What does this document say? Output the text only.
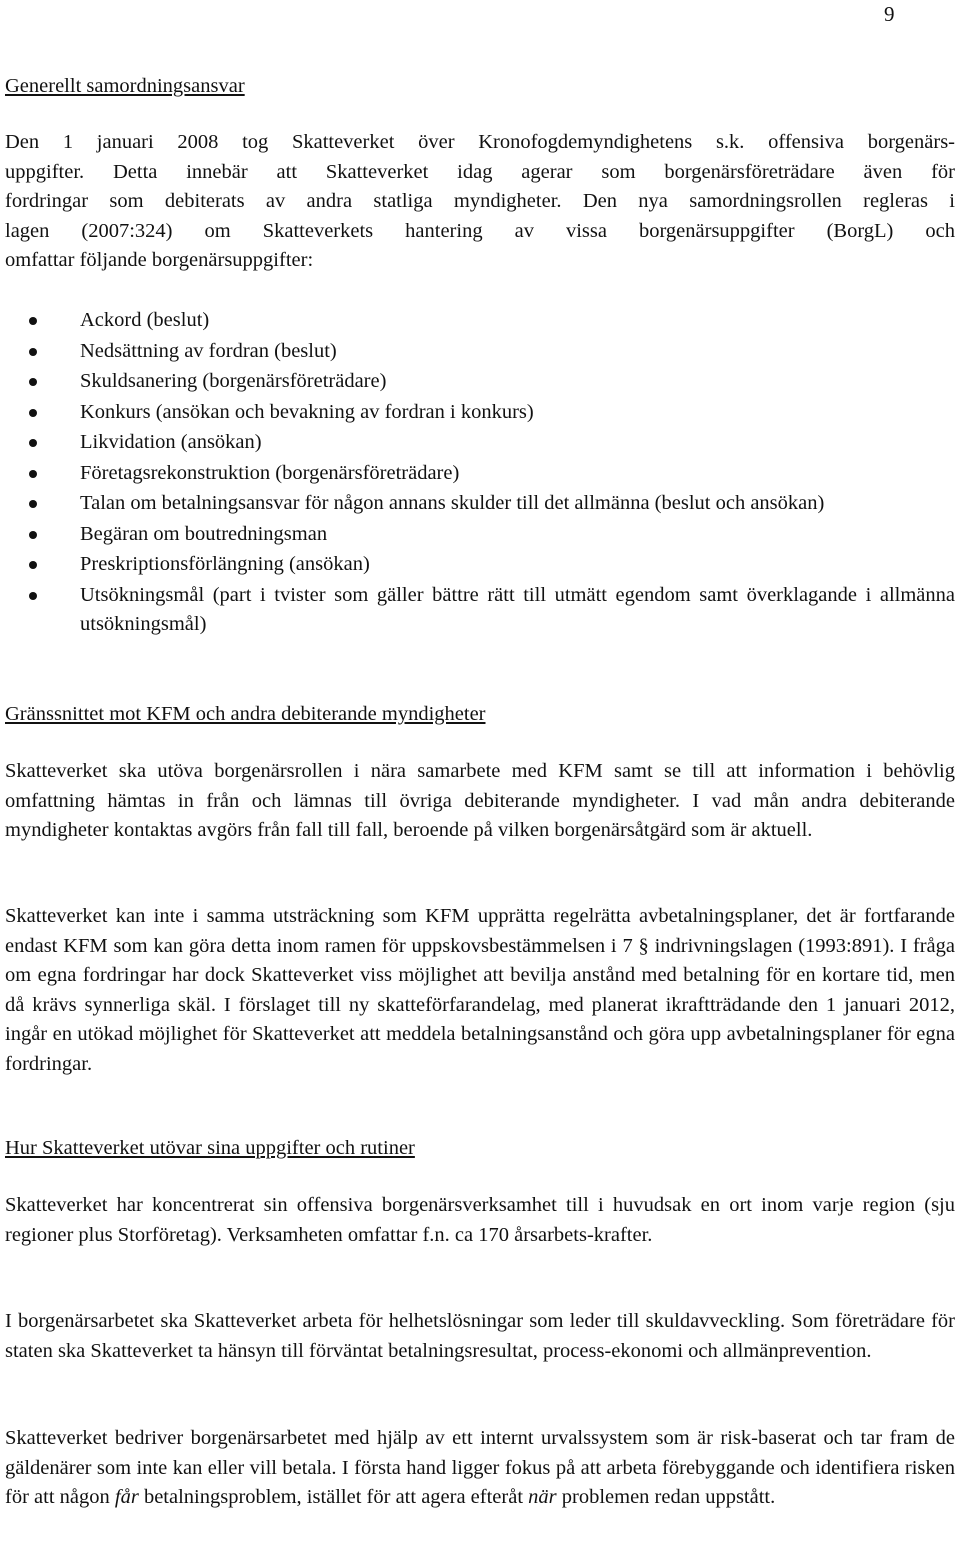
9
Generellt samordningsansvar
Den 1 januari 2008 tog Skatteverket över Kronofogdemyndighetens s.k. offensiva borgenärs-
uppgifter. Detta innebär att Skatteverket idag agerar som borgenärsföreträdare även för
fordringar som debiterats av andra statliga myndigheter. Den nya samordningsrollen regleras i
lagen (2007:324) om Skatteverkets hantering av vissa borgenärsuppgifter (BorgL) och
omfattar följande borgenärsuppgifter:
Ackord (beslut)
Nedsättning av fordran (beslut)
Skuldsanering (borgenärsföreträdare)
Konkurs (ansökan och bevakning av fordran i konkurs)
Likvidation (ansökan)
Företagsrekonstruktion (borgenärsföreträdare)
Talan om betalningsansvar för någon annans skulder till det allmänna (beslut och ansökan)
Begäran om boutredningsman
Preskriptionsförlängning (ansökan)
Utsökningsmål (part i tvister som gäller bättre rätt till utmätt egendom samt överklagande i allmänna utsökningsmål)
Gränssnittet mot KFM och andra debiterande myndigheter

Skatteverket ska utöva borgenärsrollen i nära samarbete med KFM samt se till att information i behövlig omfattning hämtas in från och lämnas till övriga debiterande myndigheter. I vad mån andra debiterande myndigheter kontaktas avgörs från fall till fall, beroende på vilken borgenärsåtgärd som är aktuell.

Skatteverket kan inte i samma utsträckning som KFM upprätta regelrätta avbetalningsplaner, det är fortfarande endast KFM som kan göra detta inom ramen för uppskovsbestämmelsen i 7 § indrivningslagen (1993:891). I fråga om egna fordringar har dock Skatteverket viss möjlighet att bevilja anstånd med betalning för en kortare tid, men då krävs synnerliga skäl. I förslaget till ny skatteförfarandelag, med planerat ikraftträdande den 1 januari 2012, ingår en utökad möjlighet för Skatteverket att meddela betalningsanstånd och göra upp avbetalningsplaner för egna fordringar.

Hur Skatteverket utövar sina uppgifter och rutiner

Skatteverket har koncentrerat sin offensiva borgenärsverksamhet till i huvudsak en ort inom varje region (sju regioner plus Storföretag). Verksamheten omfattar f.n. ca 170 årsarbets-krafter.

I borgenärsarbetet ska Skatteverket arbeta för helhetslösningar som leder till skuldavveckling. Som företrädare för staten ska Skatteverket ta hänsyn till förväntat betalningsresultat, process-ekonomi och allmänprevention.

Skatteverket bedriver borgenärsarbetet med hjälp av ett internt urvalssystem som är risk-baserat och tar fram de gäldenärer som inte kan eller vill betala. I första hand ligger fokus på att arbeta förebyggande och identifiera risken för att någon får betalningsproblem, istället för att agera efteråt när problemen redan uppstått.
